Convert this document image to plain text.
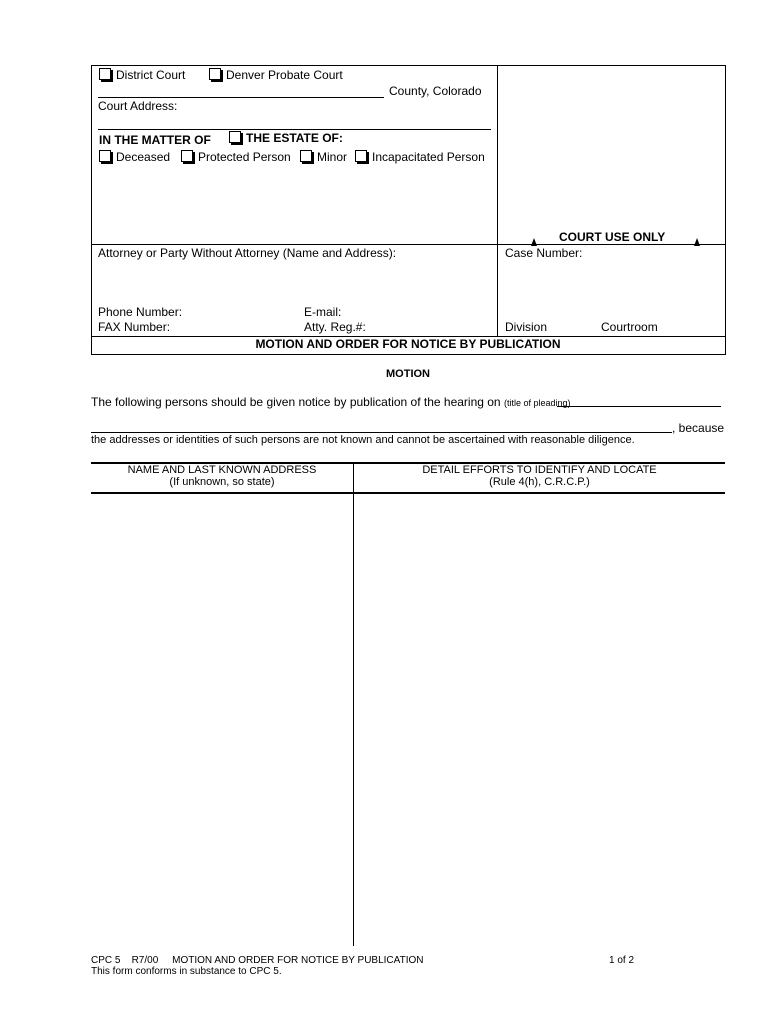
District Court	Denver Probate Court
County, Colorado
Court Address:
IN THE MATTER OF	THE ESTATE OF:
Deceased	Protected Person	Minor	Incapacitated Person
COURT USE ONLY
Attorney or Party Without Attorney (Name and Address):	Case Number:
Phone Number:	E-mail:
FAX Number:	Atty. Reg.#:	Division	Courtroom
MOTION AND ORDER FOR NOTICE BY PUBLICATION
MOTION
The following persons should be given notice by publication of the hearing on (title of pleading)
, because
the addresses or identities of such persons are not known and cannot be ascertained with reasonable diligence.
NAME AND LAST KNOWN ADDRESS
(If unknown, so state)
DETAIL EFFORTS TO IDENTIFY AND LOCATE
(Rule 4(h), C.R.C.P.)
CPC 5    R7/00     MOTION AND ORDER FOR NOTICE BY PUBLICATION	1 of 2
This form conforms in substance to CPC 5.
